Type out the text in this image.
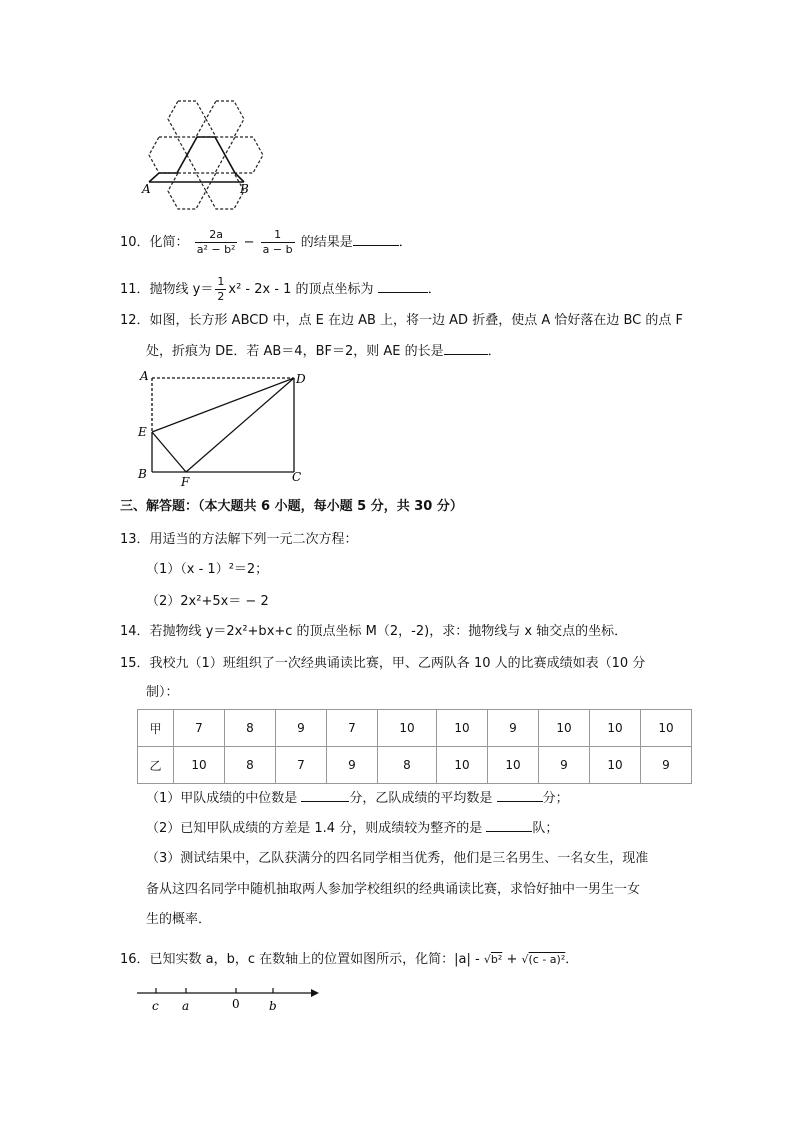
A	B
10．化简： $\frac{2a}{\text{a² − b²}} - \frac{1}{a - b}$ 的结果是	．
11．抛物线 $y= \frac{1}{2} x^2$ ‐ 2x ‐ 1 的顶点坐标为	．
12．如图，长方形 ABCD 中，点 E 在边 AB 上，将一边 AD 折叠，使点 A 恰好落在边 BC 的点 F
处，折痕为 DE．若 AB＝4，BF＝2，则 AE 的长是	．
A	D
E
B
F	C
三、解答题：（本大题共 6 小题，每小题 5 分，共 30 分）
13．用适当的方法解下列一元二次方程：
（1）（x ‐ 1）²＝2；
（2）2x²+5x＝ − 2
14．若抛物线 y＝2x²+bx+c 的顶点坐标 M（2，‐2)，求：抛物线与 x 轴交点的坐标．
15．我校九（1）班组织了一次经典诵读比赛，甲、乙两队各 10 人的比赛成绩如表（10 分
制）：
甲	7	8	9	7	10	10	9	10	10	10
乙	10	8	7	9	8	10	10	9	10	9
（1）甲队成绩的中位数是	分，乙队成绩的平均数是	分；
（2）已知甲队成绩的方差是 1.4 分，则成绩较为整齐的是	队；
（3）测试结果中，乙队获满分的四名同学相当优秀，他们是三名男生、一名女生，现准
备从这四名同学中随机抽取两人参加学校组织的经典诵读比赛，求恰好抽中一男生一女
生的概率．
16．已知实数 a，b，c 在数轴上的位置如图所示，化简：|a| ‐ √b² + √(c ‐ a)²．
c a	0 b
